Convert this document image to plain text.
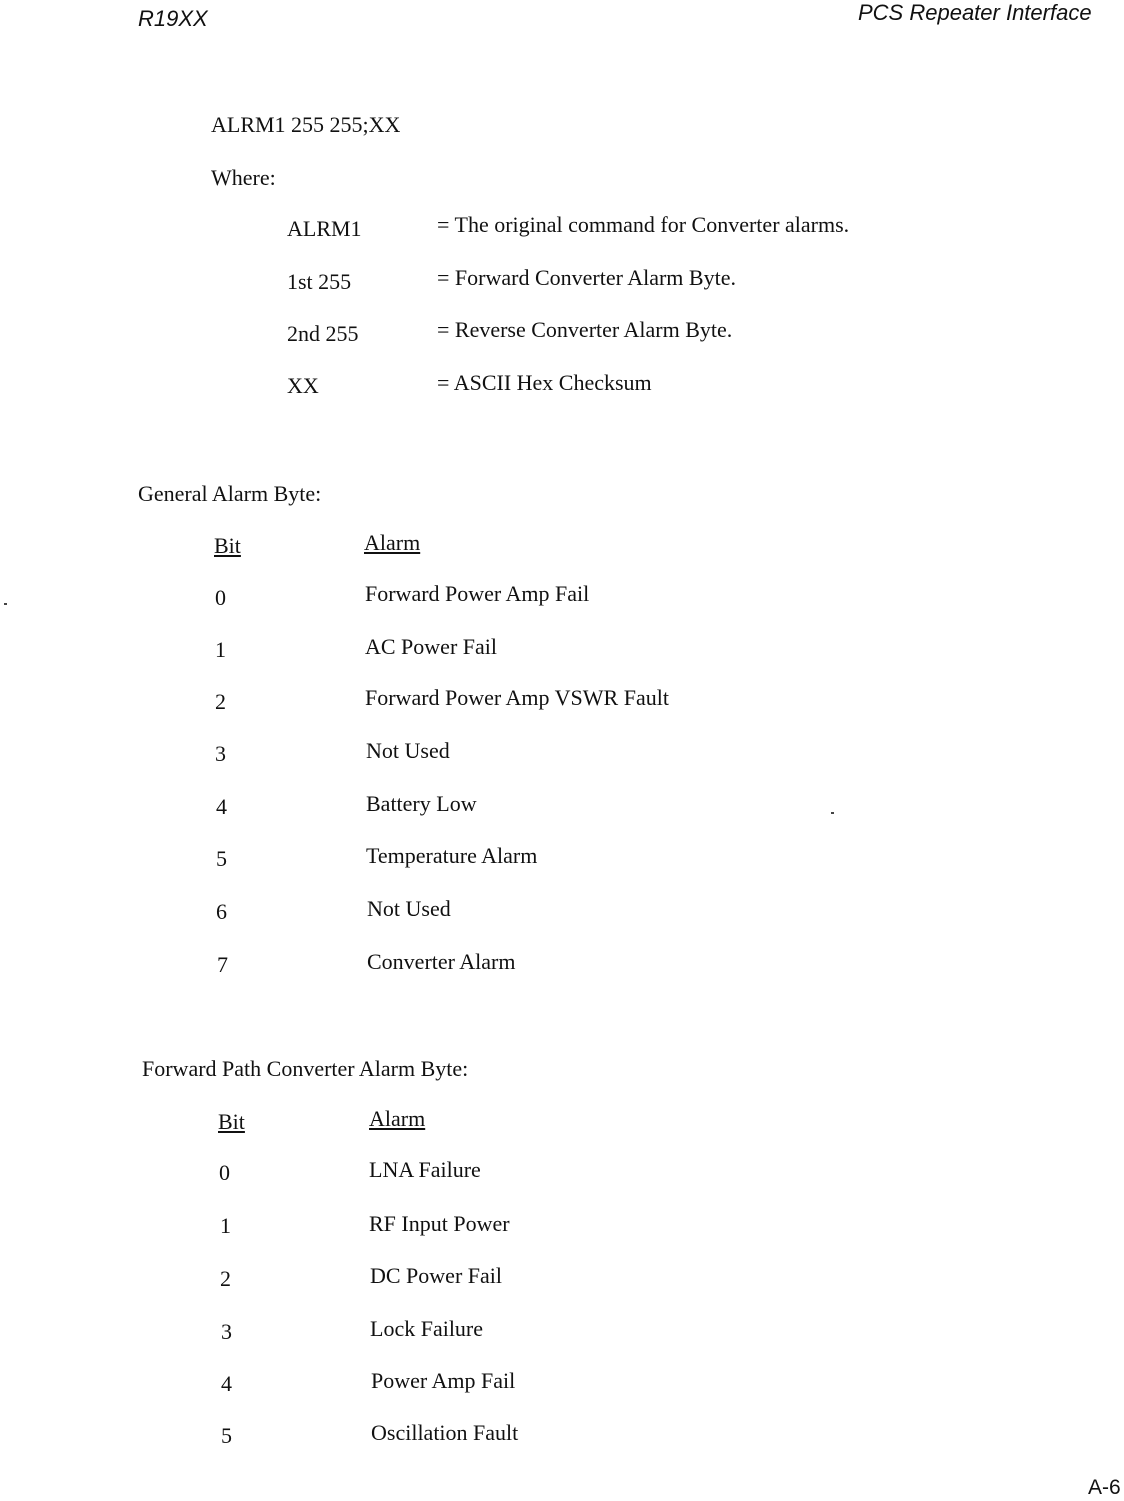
R19XX	PCS Repeater Interface
ALRM1 255 255;XX
Where:
ALRM1	= The original command for Converter alarms.
1st 255	= Forward Converter Alarm Byte.
2nd 255	= Reverse Converter Alarm Byte.
XX	= ASCII Hex Checksum
General Alarm Byte:
Bit	Alarm
0	Forward Power Amp Fail
1	AC Power Fail
2	Forward Power Amp VSWR Fault
3	Not Used
4	Battery Low
5	Temperature Alarm
6	Not Used
7	Converter Alarm
Forward Path Converter Alarm Byte:
Bit	Alarm
0	LNA Failure
1	RF Input Power
2	DC Power Fail
3	Lock Failure
4	Power Amp Fail
5	Oscillation Fault
A-6
